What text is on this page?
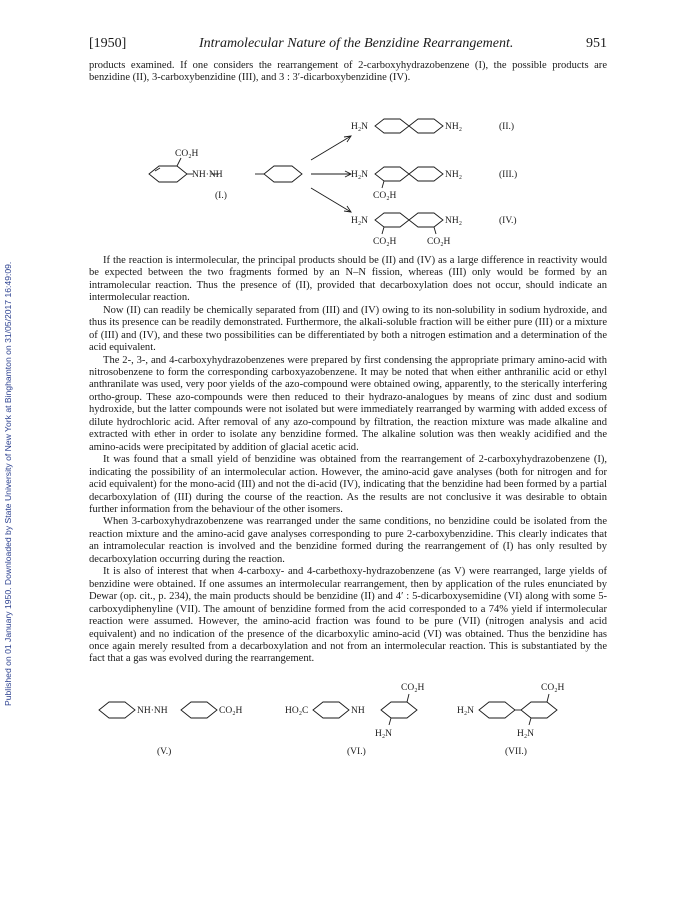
Published on 01 January 1950. Downloaded by State University of New York at Binghamton on 31/05/2017 16:49:09.
[1950]	Intramolecular Nature of the Benzidine Rearrangement.	951

products examined. If one considers the rearrangement of 2-carboxyhydrazobenzene (I), the possible products are benzidine (II), 3-carboxybenzidine (III), and 3 : 3′-dicarboxybenzidine (IV).

CO₂H
NH·NH
(I.)
H₂N	NH₂	(II.)
H₂N	NH₂
CO₂H
(III.)
H₂N	NH₂
CO₂H	CO₂H
(IV.)

If the reaction is intermolecular, the principal products should be (II) and (IV) as a large difference in reactivity would be expected between the two fragments formed by an N–N fission, whereas (III) only would be formed by an intramolecular reaction. Thus the presence of (II), provided that decarboxylation does not occur, should indicate an intermolecular reaction.

Now (II) can readily be chemically separated from (III) and (IV) owing to its non-solubility in sodium hydroxide, and thus its presence can be readily demonstrated. Furthermore, the alkali-soluble fraction will be either pure (III) or a mixture of (III) and (IV), and these two possibilities can be differentiated by both a nitrogen estimation and a determination of the acid equivalent.

The 2-, 3-, and 4-carboxyhydrazobenzenes were prepared by first condensing the appropriate primary amino-acid with nitrosobenzene to form the corresponding carboxyazobenzene. It may be noted that when either anthranilic acid or ethyl anthranilate was used, very poor yields of the azo-compound were obtained owing, apparently, to the sterically interfering ortho-group. These azo-compounds were then reduced to their hydrazo-analogues by means of zinc dust and sodium hydroxide, but the latter compounds were not isolated but were immediately rearranged by warming with added excess of dilute hydrochloric acid. After removal of any azo-compound by filtration, the reaction mixture was made alkaline and extracted with ether in order to isolate any benzidine formed. The alkaline solution was then weakly acidified and the amino-acids were precipitated by addition of glacial acetic acid.

It was found that a small yield of benzidine was obtained from the rearrangement of 2-carboxyhydrazobenzene (I), indicating the possibility of an intermolecular action. However, the amino-acid gave analyses (both for nitrogen and for acid equivalent) for the mono-acid (III) and not the di-acid (IV), indicating that the benzidine had been formed by a partial decarboxylation of (III) during the course of the reaction. As the results are not conclusive it was desirable to obtain further information from the behaviour of the other isomers.

When 3-carboxyhydrazobenzene was rearranged under the same conditions, no benzidine could be isolated from the reaction mixture and the amino-acid gave analyses corresponding to pure 2-carboxybenzidine. This clearly indicates that an intramolecular reaction is involved and the benzidine formed during the rearrangement of (I) has only resulted by decarboxylation occurring during the reaction.

It is also of interest that when 4-carboxy- and 4-carbethoxy-hydrazobenzene (as V) were rearranged, large yields of benzidine were obtained. If one assumes an intermolecular rearrangement, then by application of the rules enunciated by Dewar (op. cit., p. 234), the main products should be benzidine (II) and 4′ : 5-dicarboxysemidine (VI) along with some 5-carboxydiphenyline (VII). The amount of benzidine formed from the acid corresponded to a 74% yield if intermolecular reaction were assumed. However, the amino-acid fraction was found to be pure (VII) (nitrogen analysis and acid equivalent) and no indication of the presence of the dicarboxylic amino-acid (VI) was obtained. Thus the benzidine has once again merely resulted from a decarboxylation and not from an intermolecular reaction. This is substantiated by the fact that a gas was evolved during the rearrangement.

NH·NH	CO₂H
(V.)
HO₂C	NH
CO₂H
H₂N
(VI.)
H₂N
CO₂H
H₂N
(VII.)
